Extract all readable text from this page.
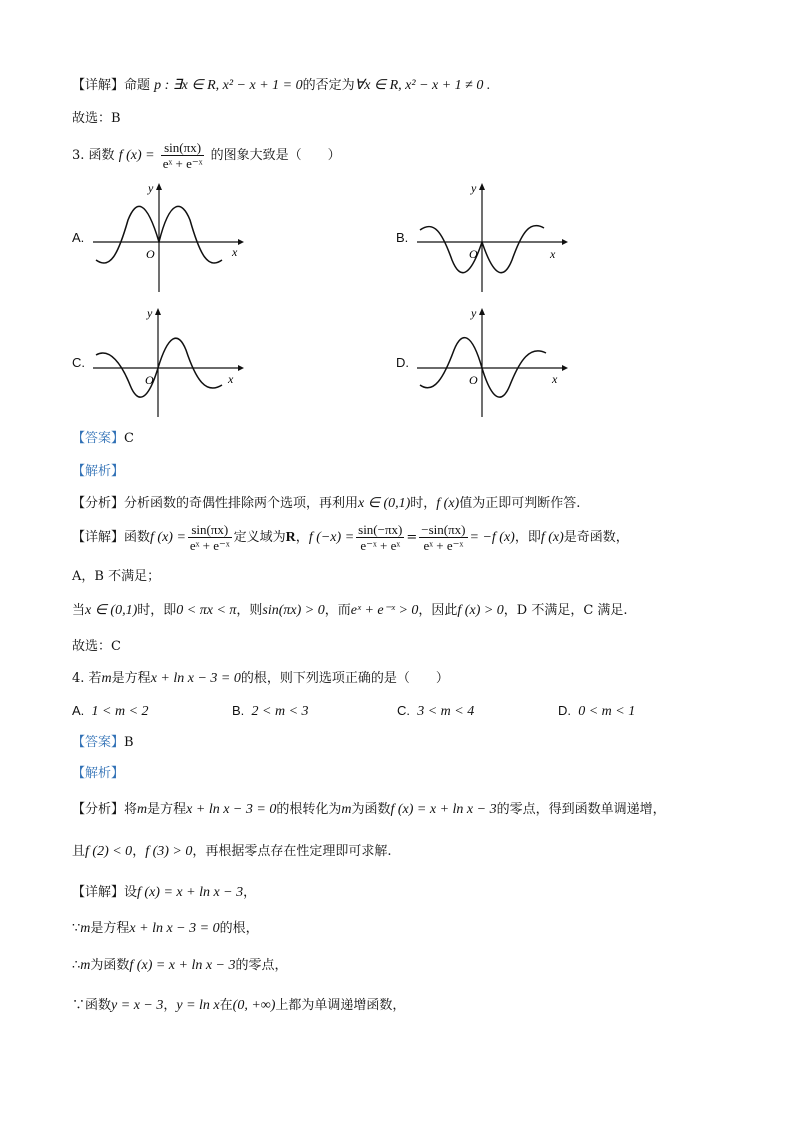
【详解】命题 p : ∃x ∈ R, x² − x + 1 = 0的否定为∀x ∈ R, x² − x + 1 ≠ 0 .
故选：B
3. 函数 f $(x) = \frac{\sin(\pi x)}{\text{eˣ + e⁻ˣ}}$ 的图象大致是（　　）
A.	B.
C.	D.
O	x
y
O	x
y
O	x
y
O	x
y
【答案】C
【解析】
【分析】分析函数的奇偶性排除两个选项，再利用x ∈ (0,1)时，f (x)值为正即可判断作答.
【详解】函数f $(x) = \frac{\sin(\pi x)}{\text{eˣ + e⁻ˣ}}$ 定义域为R，f $(-x) = \frac{\sin(-\pi x)}{\text{e⁻ˣ + eˣ}} = \frac{-\sin(\pi x)}{\text{eˣ + e⁻ˣ}} = -f$ (x)，即f (x)是奇函数，
A，B 不满足；
当x ∈ (0,1)时，即0 < πx < π，则sin(πx) > 0，而eˣ + e⁻ˣ > 0，因此f (x) > 0，D 不满足，C 满足.
故选：C
4. 若m是方程x + ln x − 3 = 0的根，则下列选项正确的是（　　）
A. 1 < m < 2	B. 2 < m < 3	C. 3 < m < 4	D. 0 < m < 1
【答案】B
【解析】
【分析】将m是方程x + ln x − 3 = 0的根转化为m为函数f (x) = x + ln x − 3的零点，得到函数单调递增，
且f (2) < 0，f (3) > 0，再根据零点存在性定理即可求解.
【详解】设f (x) = x + ln x − 3，
∵m是方程x + ln x − 3 = 0的根，
∴m为函数f (x) = x + ln x − 3的零点，
∵函数y = x − 3，y = ln x在(0, +∞)上都为单调递增函数，
